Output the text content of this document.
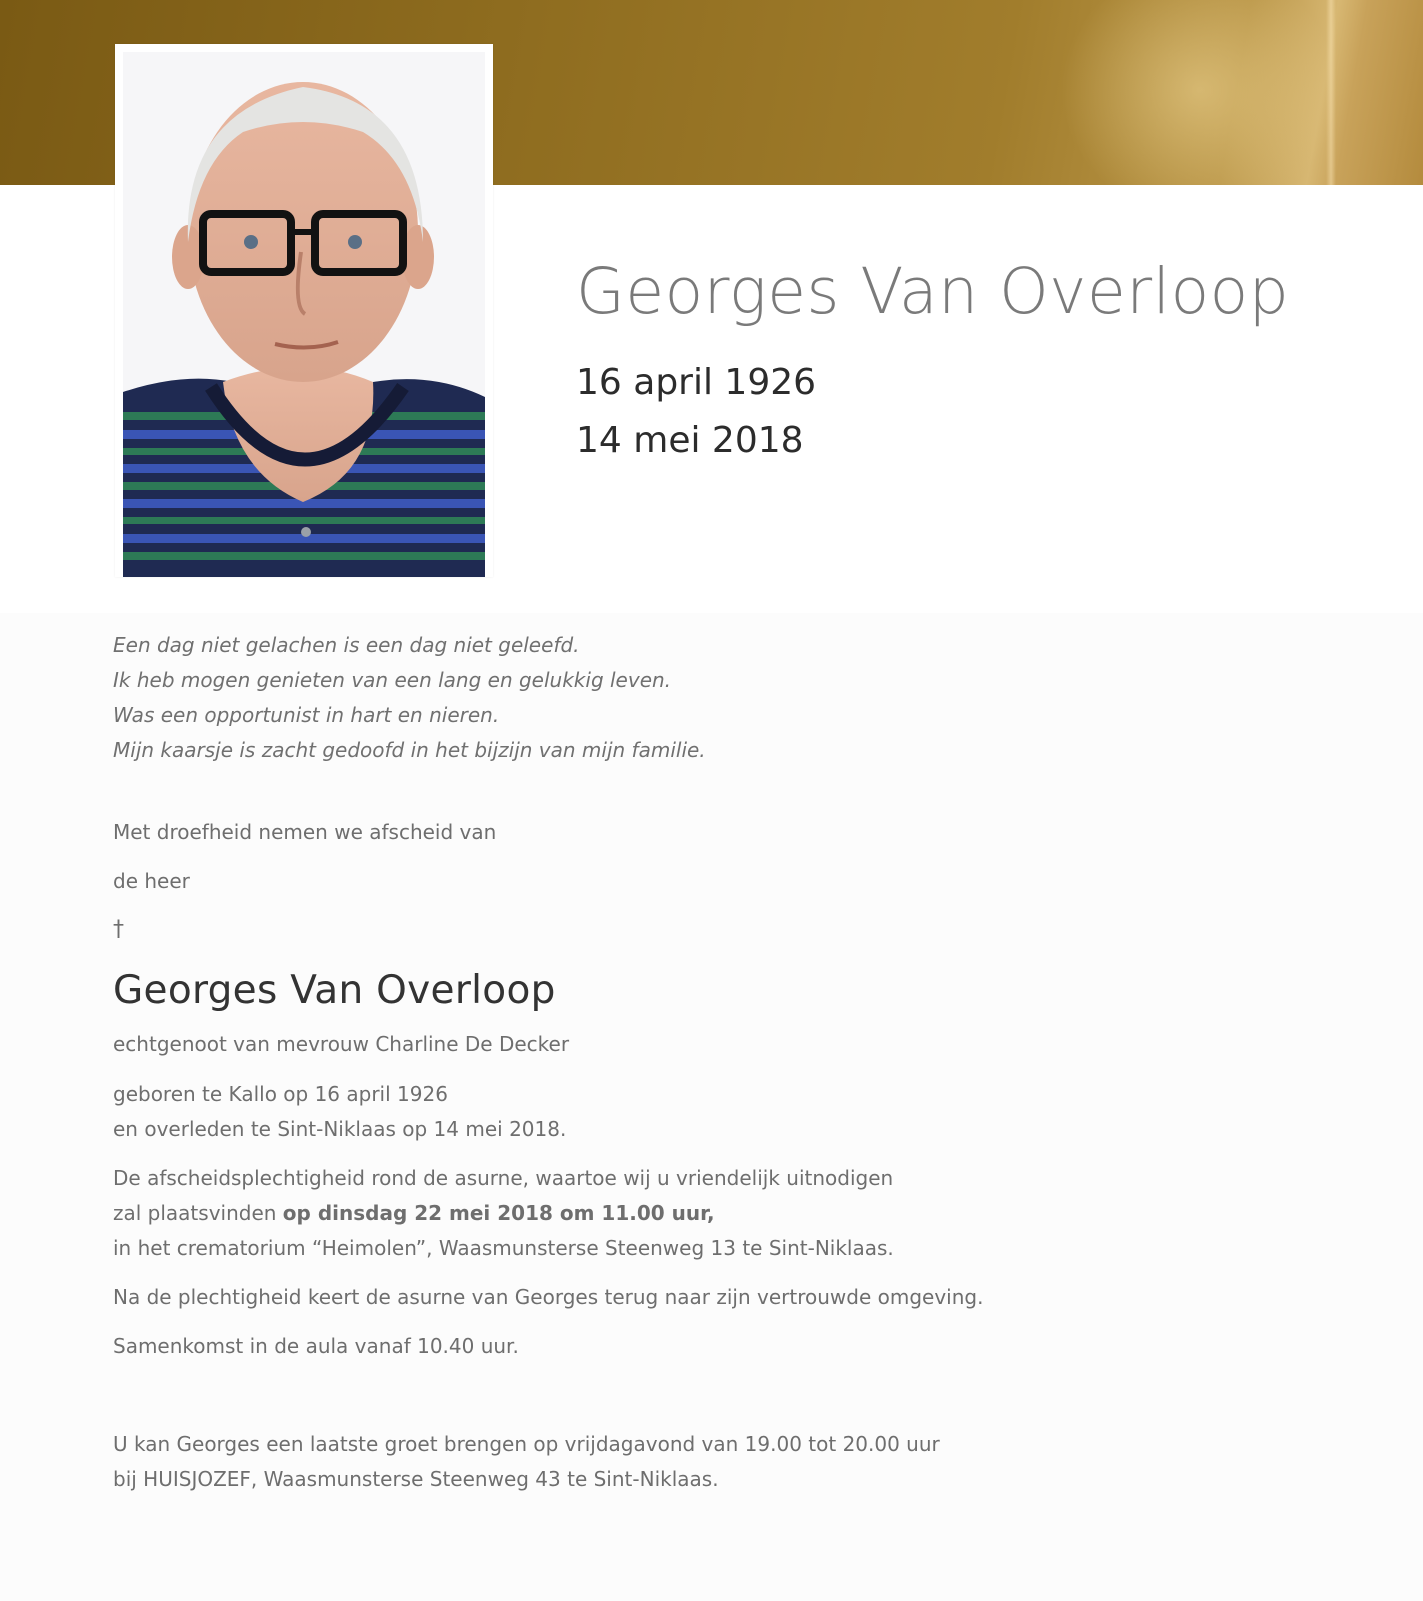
Georges Van Overloop

16 april 1926

14 mei 2018

Een dag niet gelachen is een dag niet geleefd.

Ik heb mogen genieten van een lang en gelukkig leven.

Was een opportunist in hart en nieren.

Mijn kaarsje is zacht gedoofd in het bijzijn van mijn familie.

Met droefheid nemen we afscheid van

de heer

†

Georges Van Overloop

echtgenoot van mevrouw Charline De Decker

geboren te Kallo op 16 april 1926

en overleden te Sint-Niklaas op 14 mei 2018.

De afscheidsplechtigheid rond de asurne, waartoe wij u vriendelijk uitnodigen

zal plaatsvinden op dinsdag 22 mei 2018 om 11.00 uur,

in het crematorium “Heimolen”, Waasmunsterse Steenweg 13 te Sint-Niklaas.

Na de plechtigheid keert de asurne van Georges terug naar zijn vertrouwde omgeving.

Samenkomst in de aula vanaf 10.40 uur.

U kan Georges een laatste groet brengen op vrijdagavond van 19.00 tot 20.00 uur

bij HUISJOZEF, Waasmunsterse Steenweg 43 te Sint-Niklaas.
